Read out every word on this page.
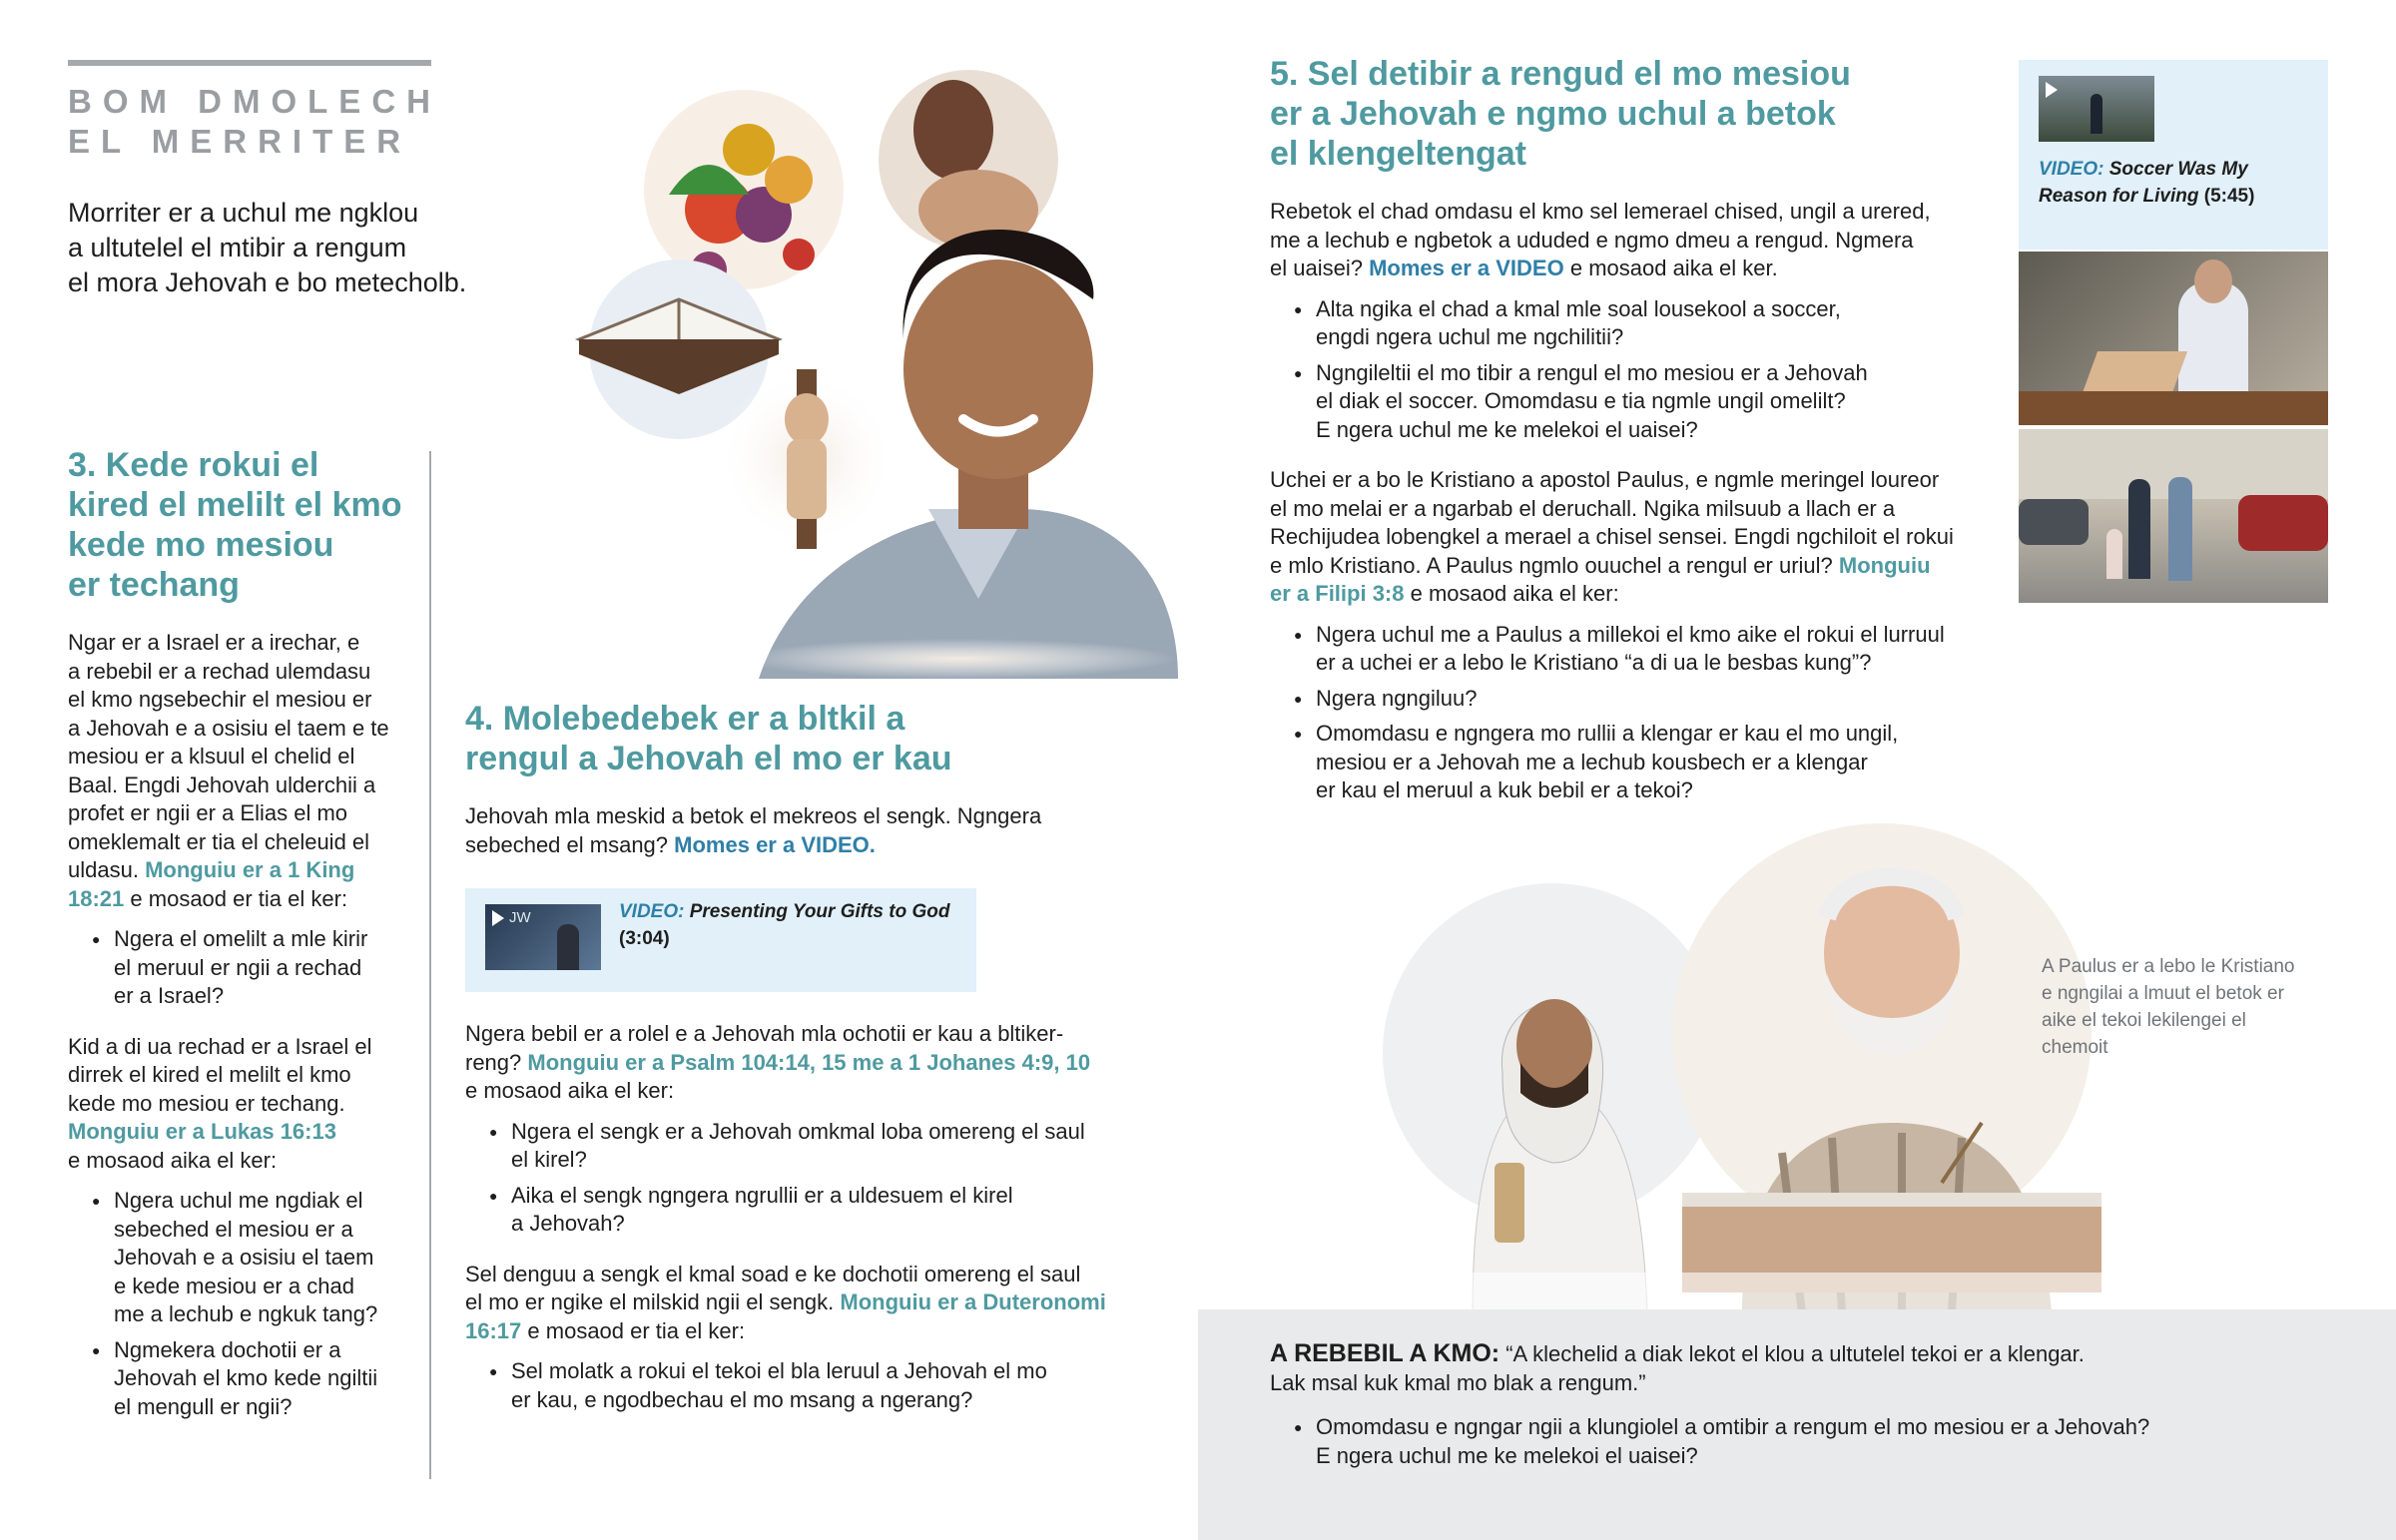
BOM DMOLECH
EL MERRITER
Morriter er a uchul me ngklou
a ultutelel el mtibir a rengum
el mora Jehovah e bo metecholb.
3. Kede rokui el
kired el melilt el kmo
kede mo mesiou
er techang

Ngar er a Israel er a irechar, e
a rebebil er a rechad ulemdasu
el kmo ngsebechir el mesiou er
a Jehovah e a osisiu el taem e te
mesiou er a klsuul el chelid el
Baal. Engdi Jehovah ulderchii a
profet er ngii er a Elias el mo
omeklemalt er tia el cheleuid el
uldasu. Monguiu er a 1 King
18:21 e mosaod er tia el ker:

● Ngera el omelilt a mle kirir
el meruul er ngii a rechad
er a Israel?

Kid a di ua rechad er a Israel el
dirrek el kired el melilt el kmo
kede mo mesiou er techang.
Monguiu er a Lukas 16:13
e mosaod aika el ker:

● Ngera uchul me ngdiak el
sebeched el mesiou er a
Jehovah e a osisiu el taem
e kede mesiou er a chad
me a lechub e ngkuk tang?
● Ngmekera dochotii er a
Jehovah el kmo kede ngiltii
el mengull er ngii?
4. Molebedebek er a bltkil a
rengul a Jehovah el mo er kau

Jehovah mla meskid a betok el mekreos el sengk. Ngngera
sebeched el msang? Momes er a VIDEO.

JW	VIDEO: Presenting Your Gifts to God
(3:04)

Ngera bebil er a rolel e a Jehovah mla ochotii er kau a bltiker-
reng? Monguiu er a Psalm 104:14, 15 me a 1 Johanes 4:9, 10
e mosaod aika el ker:

● Ngera el sengk er a Jehovah omkmal loba omereng el saul
el kirel?
● Aika el sengk ngngera ngrullii er a uldesuem el kirel
a Jehovah?

Sel denguu a sengk el kmal soad e ke dochotii omereng el saul
el mo er ngike el milskid ngii el sengk. Monguiu er a Duteronomi
16:17 e mosaod er tia el ker:

● Sel molatk a rokui el tekoi el bla leruul a Jehovah el mo
er kau, e ngodbechau el mo msang a ngerang?
5. Sel detibir a rengud el mo mesiou
er a Jehovah e ngmo uchul a betok
el klengeltengat

Rebetok el chad omdasu el kmo sel lemerael chised, ungil a urered,
me a lechub e ngbetok a ududed e ngmo dmeu a rengud. Ngmera
el uaisei? Momes er a VIDEO e mosaod aika el ker.

● Alta ngika el chad a kmal mle soal lousekool a soccer,
engdi ngera uchul me ngchilitii?
● Ngngileltii el mo tibir a rengul el mo mesiou er a Jehovah
el diak el soccer. Omomdasu e tia ngmle ungil omelilt?
E ngera uchul me ke melekoi el uaisei?

Uchei er a bo le Kristiano a apostol Paulus, e ngmle meringel loureor
el mo melai er a ngarbab el deruchall. Ngika milsuub a llach er a
Rechijudea lobengkel a merael a chisel sensei. Engdi ngchiloit el rokui
e mlo Kristiano. A Paulus ngmlo ouuchel a rengul er uriul? Monguiu
er a Filipi 3:8 e mosaod aika el ker:

● Ngera uchul me a Paulus a millekoi el kmo aike el rokui el lurruul
er a uchei er a lebo le Kristiano “a di ua le besbas kung”?
● Ngera ngngiluu?
● Omomdasu e ngngera mo rullii a klengar er kau el mo ungil,
mesiou er a Jehovah me a lechub kousbech er a klengar
er kau el meruul a kuk bebil er a tekoi?
VIDEO: Soccer Was My Reason for Living (5:45)
A Paulus er a lebo le Kristiano
e ngngilai a lmuut el betok er
aike el tekoi lekilengei el
chemoit

A REBEBIL A KMO: “A klechelid a diak lekot el klou a ultutelel tekoi er a klengar.
Lak msal kuk kmal mo blak a rengum.”

● Omomdasu e ngngar ngii a klungiolel a omtibir a rengum el mo mesiou er a Jehovah?
E ngera uchul me ke melekoi el uaisei?
